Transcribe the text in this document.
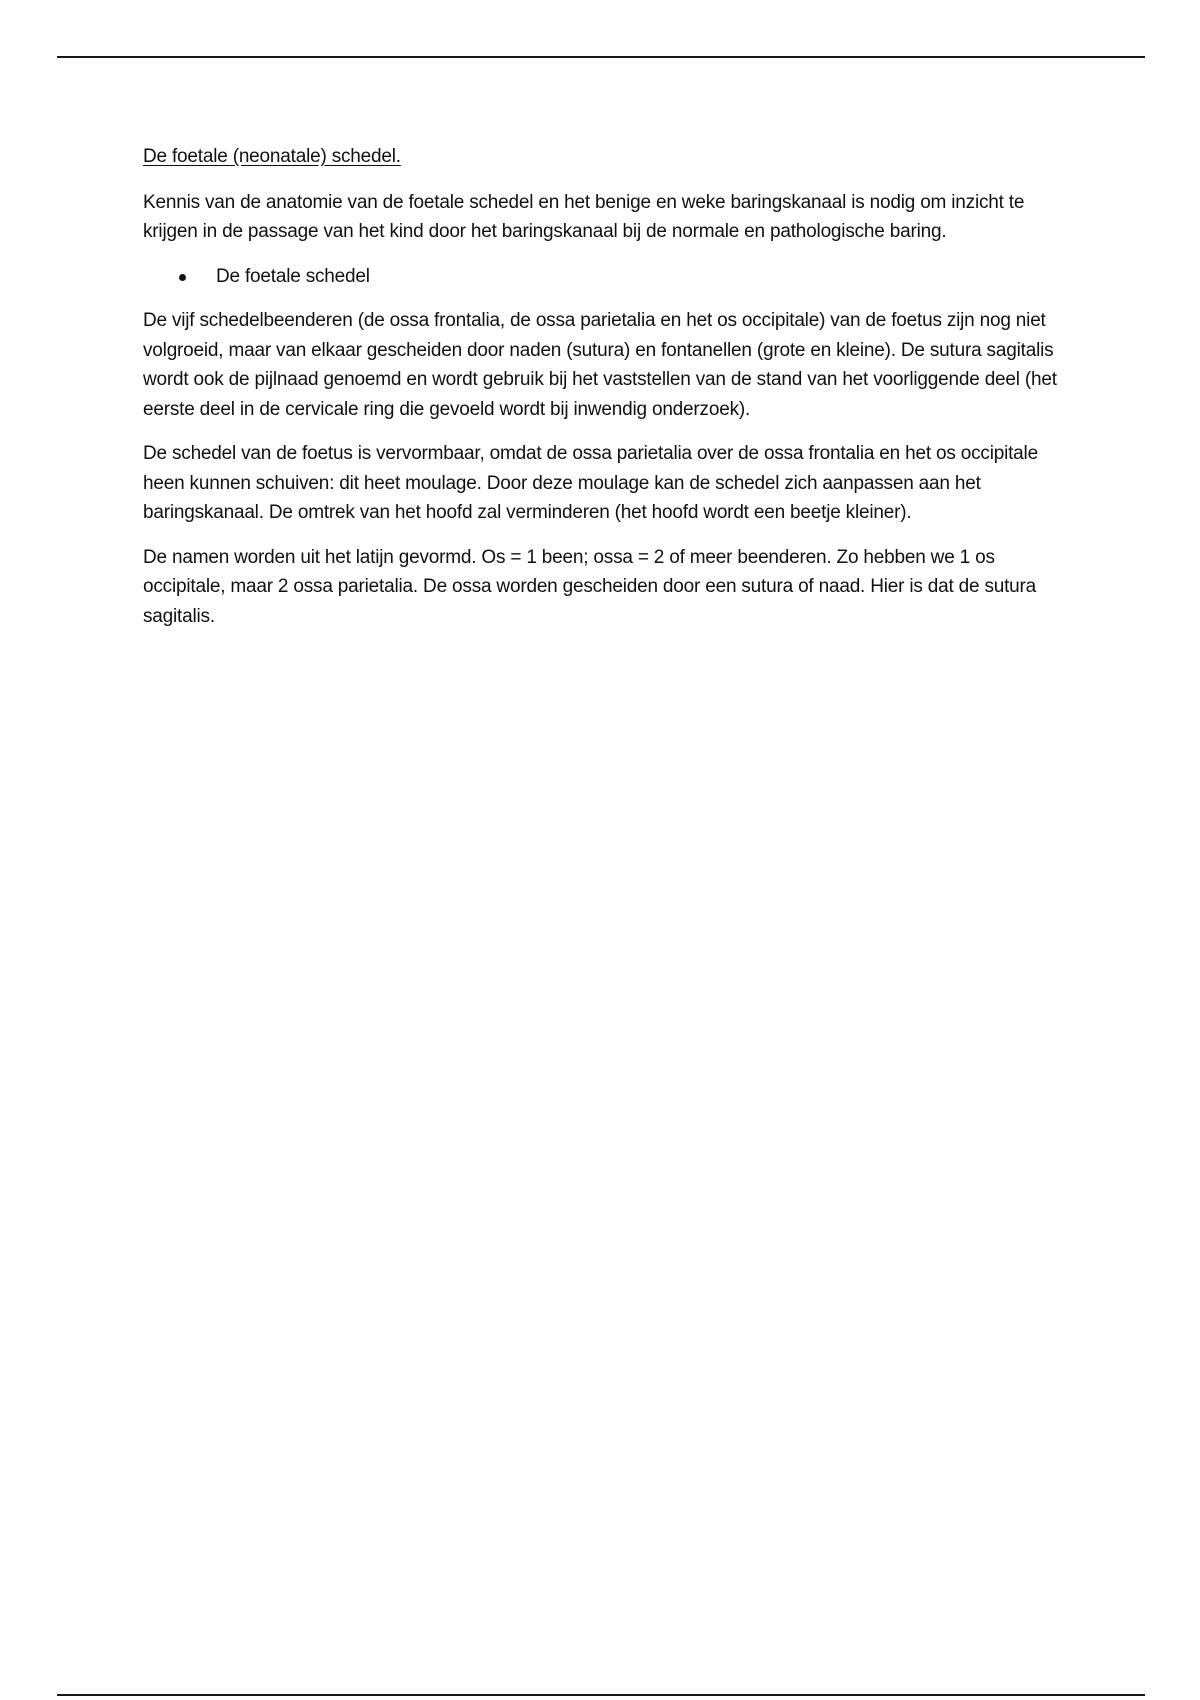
De foetale (neonatale) schedel.

Kennis van de anatomie van de foetale schedel en het benige en weke baringskanaal is nodig om inzicht te krijgen in de passage van het kind door het baringskanaal bij de normale en pathologische baring.

De foetale schedel

De vijf schedelbeenderen (de ossa frontalia, de ossa parietalia en het os occipitale) van de foetus zijn nog niet volgroeid, maar van elkaar gescheiden door naden (sutura) en fontanellen (grote en kleine). De sutura sagitalis wordt ook de pijlnaad genoemd en wordt gebruik bij het vaststellen van de stand van het voorliggende deel (het eerste deel in de cervicale ring die gevoeld wordt bij inwendig onderzoek).

De schedel van de foetus is vervormbaar, omdat de ossa parietalia over de ossa frontalia en het os occipitale heen kunnen schuiven: dit heet moulage. Door deze moulage kan de schedel zich aanpassen aan het baringskanaal. De omtrek van het hoofd zal verminderen (het hoofd wordt een beetje kleiner).

De namen worden uit het latijn gevormd. Os = 1 been; ossa = 2 of meer beenderen. Zo hebben we 1 os occipitale, maar 2 ossa parietalia. De ossa worden gescheiden door een sutura of naad. Hier is dat de sutura sagitalis.
